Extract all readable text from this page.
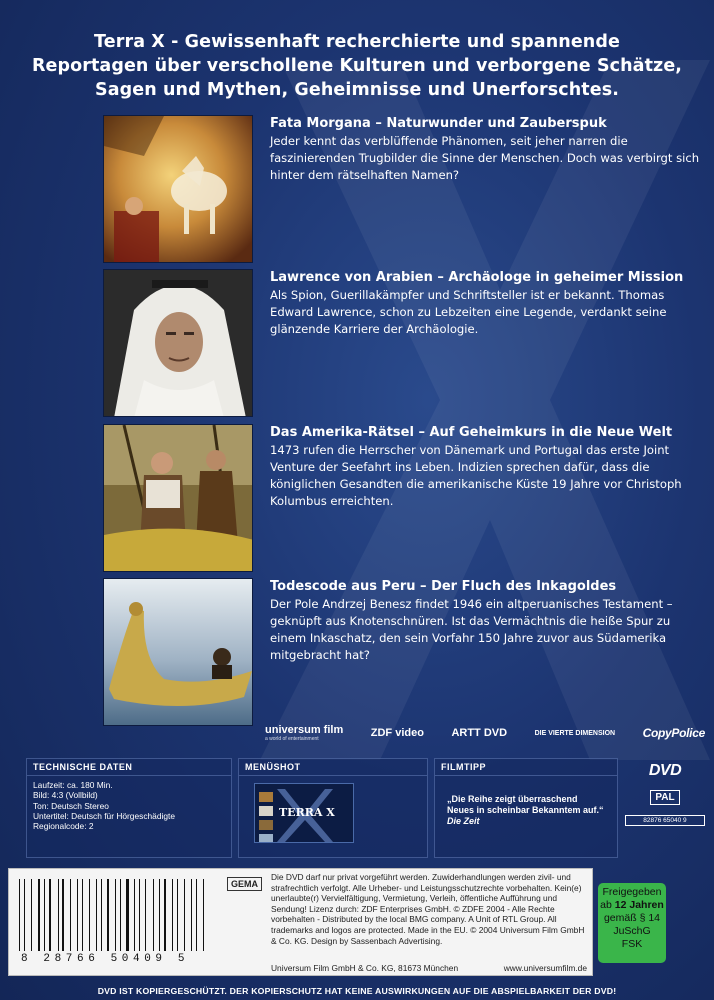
Terra X - Gewissenhaft recherchierte und spannende
Reportagen über verschollene Kulturen und verborgene Schätze,
Sagen und Mythen, Geheimnisse und Unerforschtes.
Fata Morgana – Naturwunder und Zauberspuk
Jeder kennt das verblüffende Phänomen, seit jeher narren die faszinierenden Trugbilder die Sinne der Menschen. Doch was verbirgt sich hinter dem rätselhaften Namen?
Lawrence von Arabien – Archäologe in geheimer Mission
Als Spion, Guerillakämpfer und Schriftsteller ist er bekannt. Thomas Edward Lawrence, schon zu Lebzeiten eine Legende, verdankt seine glänzende Karriere der Archäologie.
Das Amerika-Rätsel – Auf Geheimkurs in die Neue Welt
1473 rufen die Herrscher von Dänemark und Portugal das erste Joint Venture der Seefahrt ins Leben. Indizien sprechen dafür, dass die königlichen Gesandten die amerikanische Küste 19 Jahre vor Christoph Kolumbus erreichten.
Todescode aus Peru – Der Fluch des Inkagoldes
Der Pole Andrzej Benesz findet 1946 ein altperuanisches Testament – geknüpft aus Knotenschnüren. Ist das Vermächtnis die heiße Spur zu einem Inkaschatz, den sein Vorfahr 150 Jahre zuvor aus Südamerika mitgebracht hat?
universum film
a world of entertainment	ZDF video	ARTT DVD	DIE VIERTE DIMENSION CopyPolice
TECHNISCHE DATEN
Laufzeit: ca. 180 Min.
Bild: 4:3 (Vollbild)
Ton: Deutsch Stereo
Untertitel: Deutsch für Hörgeschädigte
Regionalcode: 2
MENÜSHOT
TERRA X
FILMTIPP
„Die Reihe zeigt überraschend Neues in scheinbar Bekanntem auf.“ Die Zeit
DVD
PAL
82876 65040 9
8 28766 50409 5
GEMA
Die DVD darf nur privat vorgeführt werden. Zuwiderhandlungen werden zivil- und strafrechtlich verfolgt. Alle Urheber- und Leistungsschutzrechte vorbehalten. Kein(e) unerlaubte(r) Vervielfältigung, Vermietung, Verleih, öffentliche Aufführung und Sendung! Lizenz durch: ZDF Enterprises GmbH. © ZDFE 2004 - Alle Rechte vorbehalten - Distributed by the local BMG company. A Unit of RTL Group. All trademarks and logos are protected. Made in the EU. © 2004 Universum Film GmbH & Co. KG. Design by Sassenbach Advertising.
Universum Film GmbH & Co. KG, 81673 München	www.universumfilm.de
Freigegeben
ab 12 Jahren
gemäß § 14
JuSchG
FSK
DVD IST KOPIERGESCHÜTZT. DER KOPIERSCHUTZ HAT KEINE AUSWIRKUNGEN AUF DIE ABSPIELBARKEIT DER DVD!
